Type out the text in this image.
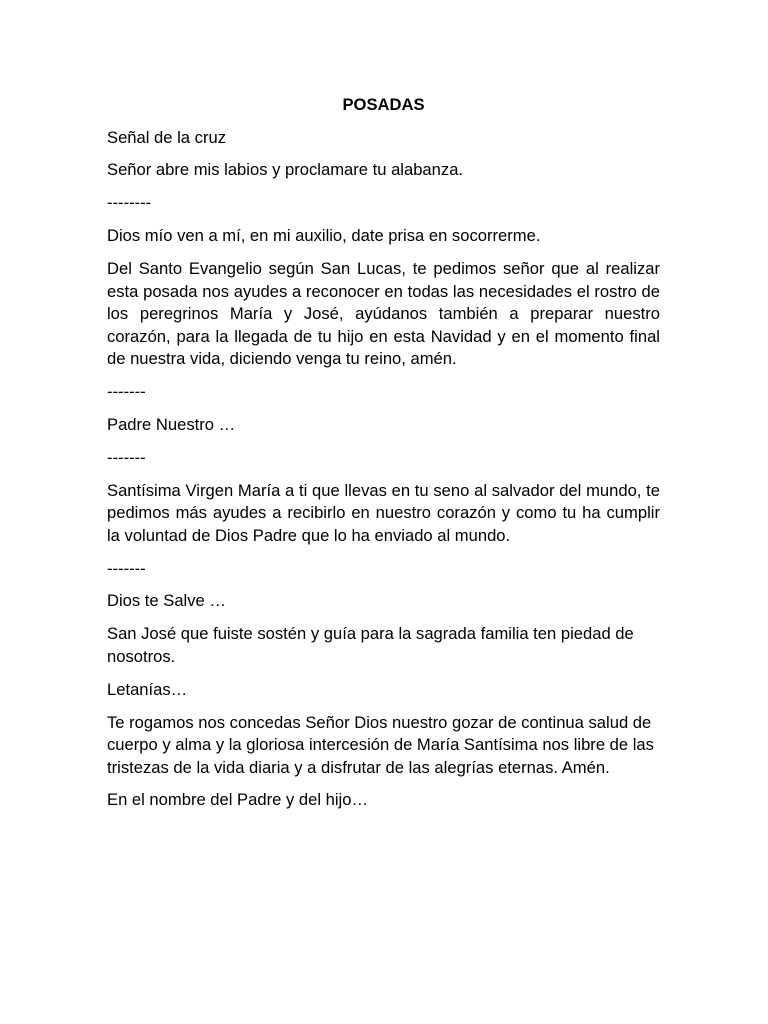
POSADAS

Señal de la cruz

Señor abre mis labios y proclamare tu alabanza.

--------

Dios mío ven a mí, en mi auxilio, date prisa en socorrerme.

Del Santo Evangelio según San Lucas, te pedimos señor que al realizar esta posada nos ayudes a reconocer en todas las necesidades el rostro de los peregrinos María y José, ayúdanos también a preparar nuestro corazón, para la llegada de tu hijo en esta Navidad y en el momento final de nuestra vida, diciendo venga tu reino, amén.

-------

Padre Nuestro …

-------

Santísima Virgen María a ti que llevas en tu seno al salvador del mundo, te pedimos más ayudes a recibirlo en nuestro corazón y como tu ha cumplir la voluntad de Dios Padre que lo ha enviado al mundo.

-------

Dios te Salve …

San José que fuiste sostén y guía para la sagrada familia ten piedad de nosotros.

Letanías…

Te rogamos nos concedas Señor Dios nuestro gozar de continua salud de cuerpo y alma y la gloriosa intercesión de María Santísima nos libre de las tristezas de la vida diaria y a disfrutar de las alegrías eternas. Amén.

En el nombre del Padre y del hijo…
